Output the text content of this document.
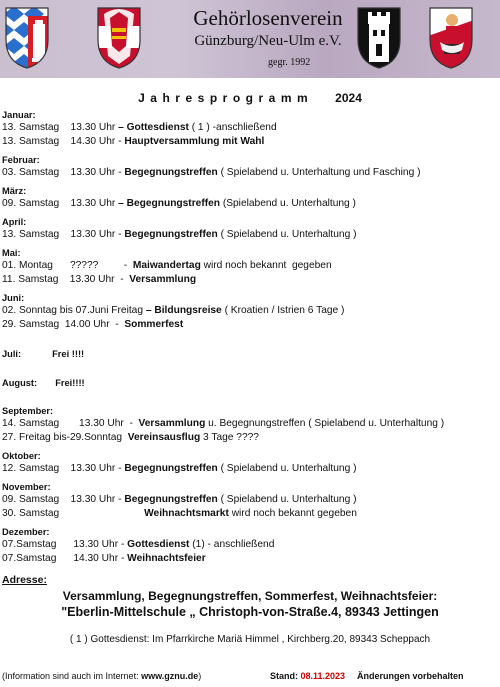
Gehörlosenverein
Günzburg/Neu-Ulm e.V.
gegr. 1992
Jahresprogramm 2024
Januar:
13. Samstag 13.30 Uhr – Gottesdienst ( 1 ) -anschließend
13. Samstag 14.30 Uhr - Hauptversammlung mit Wahl
Februar:
03. Samstag 13.30 Uhr - Begegnungstreffen ( Spielabend u. Unterhaltung und Fasching )
März:
09. Samstag 13.30 Uhr – Begegnungstreffen (Spielabend u. Unterhaltung )
April:
13. Samstag 13.30 Uhr - Begegnungstreffen ( Spielabend u. Unterhaltung )
Mai:
01. Montag ?????         -  Maiwandertag wird noch bekannt  gegeben
11. Samstag 13.30 Uhr  -  Versammlung
Juni:
02. Sonntag bis 07.Juni Freitag – Bildungsreise ( Kroatien / Istrien 6 Tage )
29. Samstag 14.00 Uhr  -  Sommerfest
Juli:	Frei !!!!
August: Frei!!!!
September:
14. Samstag 13.30 Uhr  -  Versammlung u. Begegnungstreffen ( Spielabend u. Unterhaltung )
27. Freitag bis-29.Sonntag Vereinsausflug 3 Tage ????
Oktober:
12. Samstag 13.30 Uhr - Begegnungstreffen ( Spielabend u. Unterhaltung )
November:
09. Samstag 13.30 Uhr - Begegnungstreffen ( Spielabend u. Unterhaltung )
30. Samstag	Weihnachtsmarkt wird noch bekannt gegeben
Dezember:
07.Samstag 13.30 Uhr - Gottesdienst (1) - anschließend
07.Samstag 14.30 Uhr - Weihnachtsfeier
Adresse:
Versammlung, Begegnungstreffen, Sommerfest, Weihnachtsfeier:
"Eberlin-Mittelschule „ Christoph-von-Straße.4, 89343 Jettingen
( 1 ) Gottesdienst: Im Pfarrkirche Mariä Himmel , Kirchberg.20, 89343 Scheppach
(Information sind auch im Internet: www.gznu.de)	Stand: 08.11.2023 Änderungen vorbehalten
